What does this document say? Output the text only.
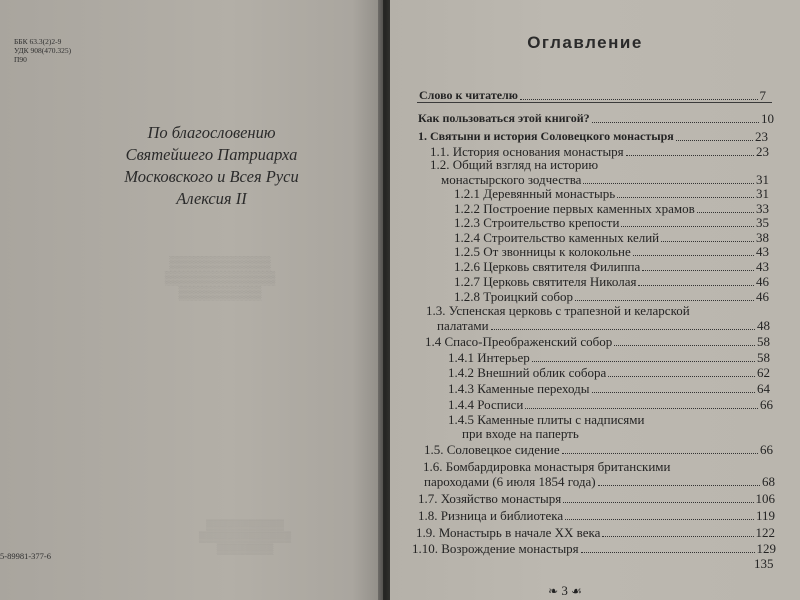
ББК 63.3(2)2-9
УДК 908(470.325)
П90
По благословению
Святейшего Патриарха
Московского и Всея Руси
Алексия II
▒▒▒▒▒▒▒▒▒▒▒
▒▒▒▒▒▒▒▒▒▒▒▒
▒▒▒▒▒▒▒▒▒
▒▒▒▒▒▒▒▒▒▒▒
▒▒▒▒▒▒▒▒▒▒▒▒▒
▒▒▒▒▒▒▒▒
5-89981-377-6
Оглавление
Слово к читателю	7
Как пользоваться этой книгой?	10
1. Святыни и история Соловецкого монастыря	23
1.1. История основания монастыря	23
1.2. Общий взгляд на историю
монастырского зодчества	31
1.2.1 Деревянный монастырь	31
1.2.2 Построение первых каменных храмов	33
1.2.3 Строительство крепости	35
1.2.4 Строительство каменных келий	38
1.2.5 От звонницы к колокольне	43
1.2.6 Церковь святителя Филиппа	43
1.2.7 Церковь святителя Николая	46
1.2.8 Троицкий собор	46
1.3. Успенская церковь с трапезной и келарской
палатами	48
1.4 Спасо-Преображенский собор	58
1.4.1 Интерьер	58
1.4.2 Внешний облик собора	62
1.4.3 Каменные переходы	64
1.4.4 Росписи	66
1.4.5 Каменные плиты с надписями
при входе на паперть
1.5. Соловецкое сидение	66
1.6. Бомбардировка монастыря британскими
пароходами (6 июля 1854 года)	68
1.7. Хозяйство монастыря	106
1.8. Ризница и библиотека	119
1.9. Монастырь в начале XX века	122
1.10. Возрождение монастыря	129
135
❧ 3 ☙
